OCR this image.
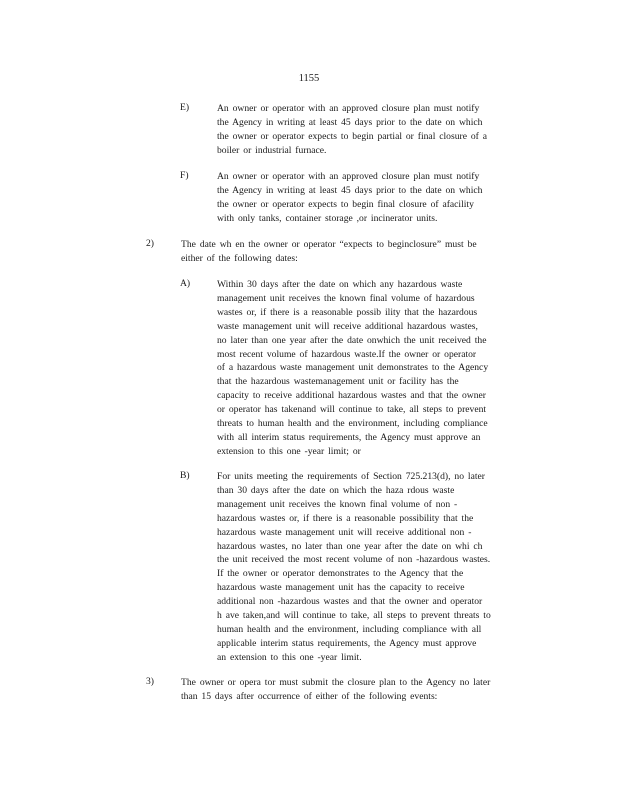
1155
E)	An owner or operator with an approved closure plan must notify
the Agency in writing at least 45 days prior to the date on which
the owner or operator expects to begin partial or final closure of a
boiler or industrial furnace.
F)	An owner or operator with an approved closure plan must notify
the Agency in writing at least 45 days prior to the date on which
the owner or operator expects to begin final closure of afacility
with only tanks, container storage ,or incinerator units.
2)	The date wh en the owner or operator “expects to beginclosure” must be
either of the following dates:
A)	Within 30 days after the date on which any hazardous waste
management unit receives the known final volume of hazardous
wastes or, if there is a reasonable possib ility that the hazardous
waste management unit will receive additional hazardous wastes,
no later than one year after the date onwhich the unit received the
most recent volume of hazardous waste.If the owner or operator
of a hazardous waste management unit demonstrates to the Agency
that the hazardous wastemanagement unit or facility has the
capacity to receive additional hazardous wastes and that the owner
or operator has takenand will continue to take, all steps to prevent
threats to human health and the environment, including compliance
with all interim status requirements, the Agency must approve an
extension to this one -year limit; or
B)	For units meeting the requirements of Section 725.213(d), no later
than 30 days after the date on which the haza rdous waste
management unit receives the known final volume of non -
hazardous wastes or, if there is a reasonable possibility that the
hazardous waste management unit will receive additional non -
hazardous wastes, no later than one year after the date on whi ch
the unit received the most recent volume of non -hazardous wastes.
If the owner or operator demonstrates to the Agency that the
hazardous waste management unit has the capacity to receive
additional non -hazardous wastes and that the owner and operator
h ave taken,and will continue to take, all steps to prevent threats to
human health and the environment, including compliance with all
applicable interim status requirements, the Agency must approve
an extension to this one -year limit.
3)	The owner or opera tor must submit the closure plan to the Agency no later
than 15 days after occurrence of either of the following events:
